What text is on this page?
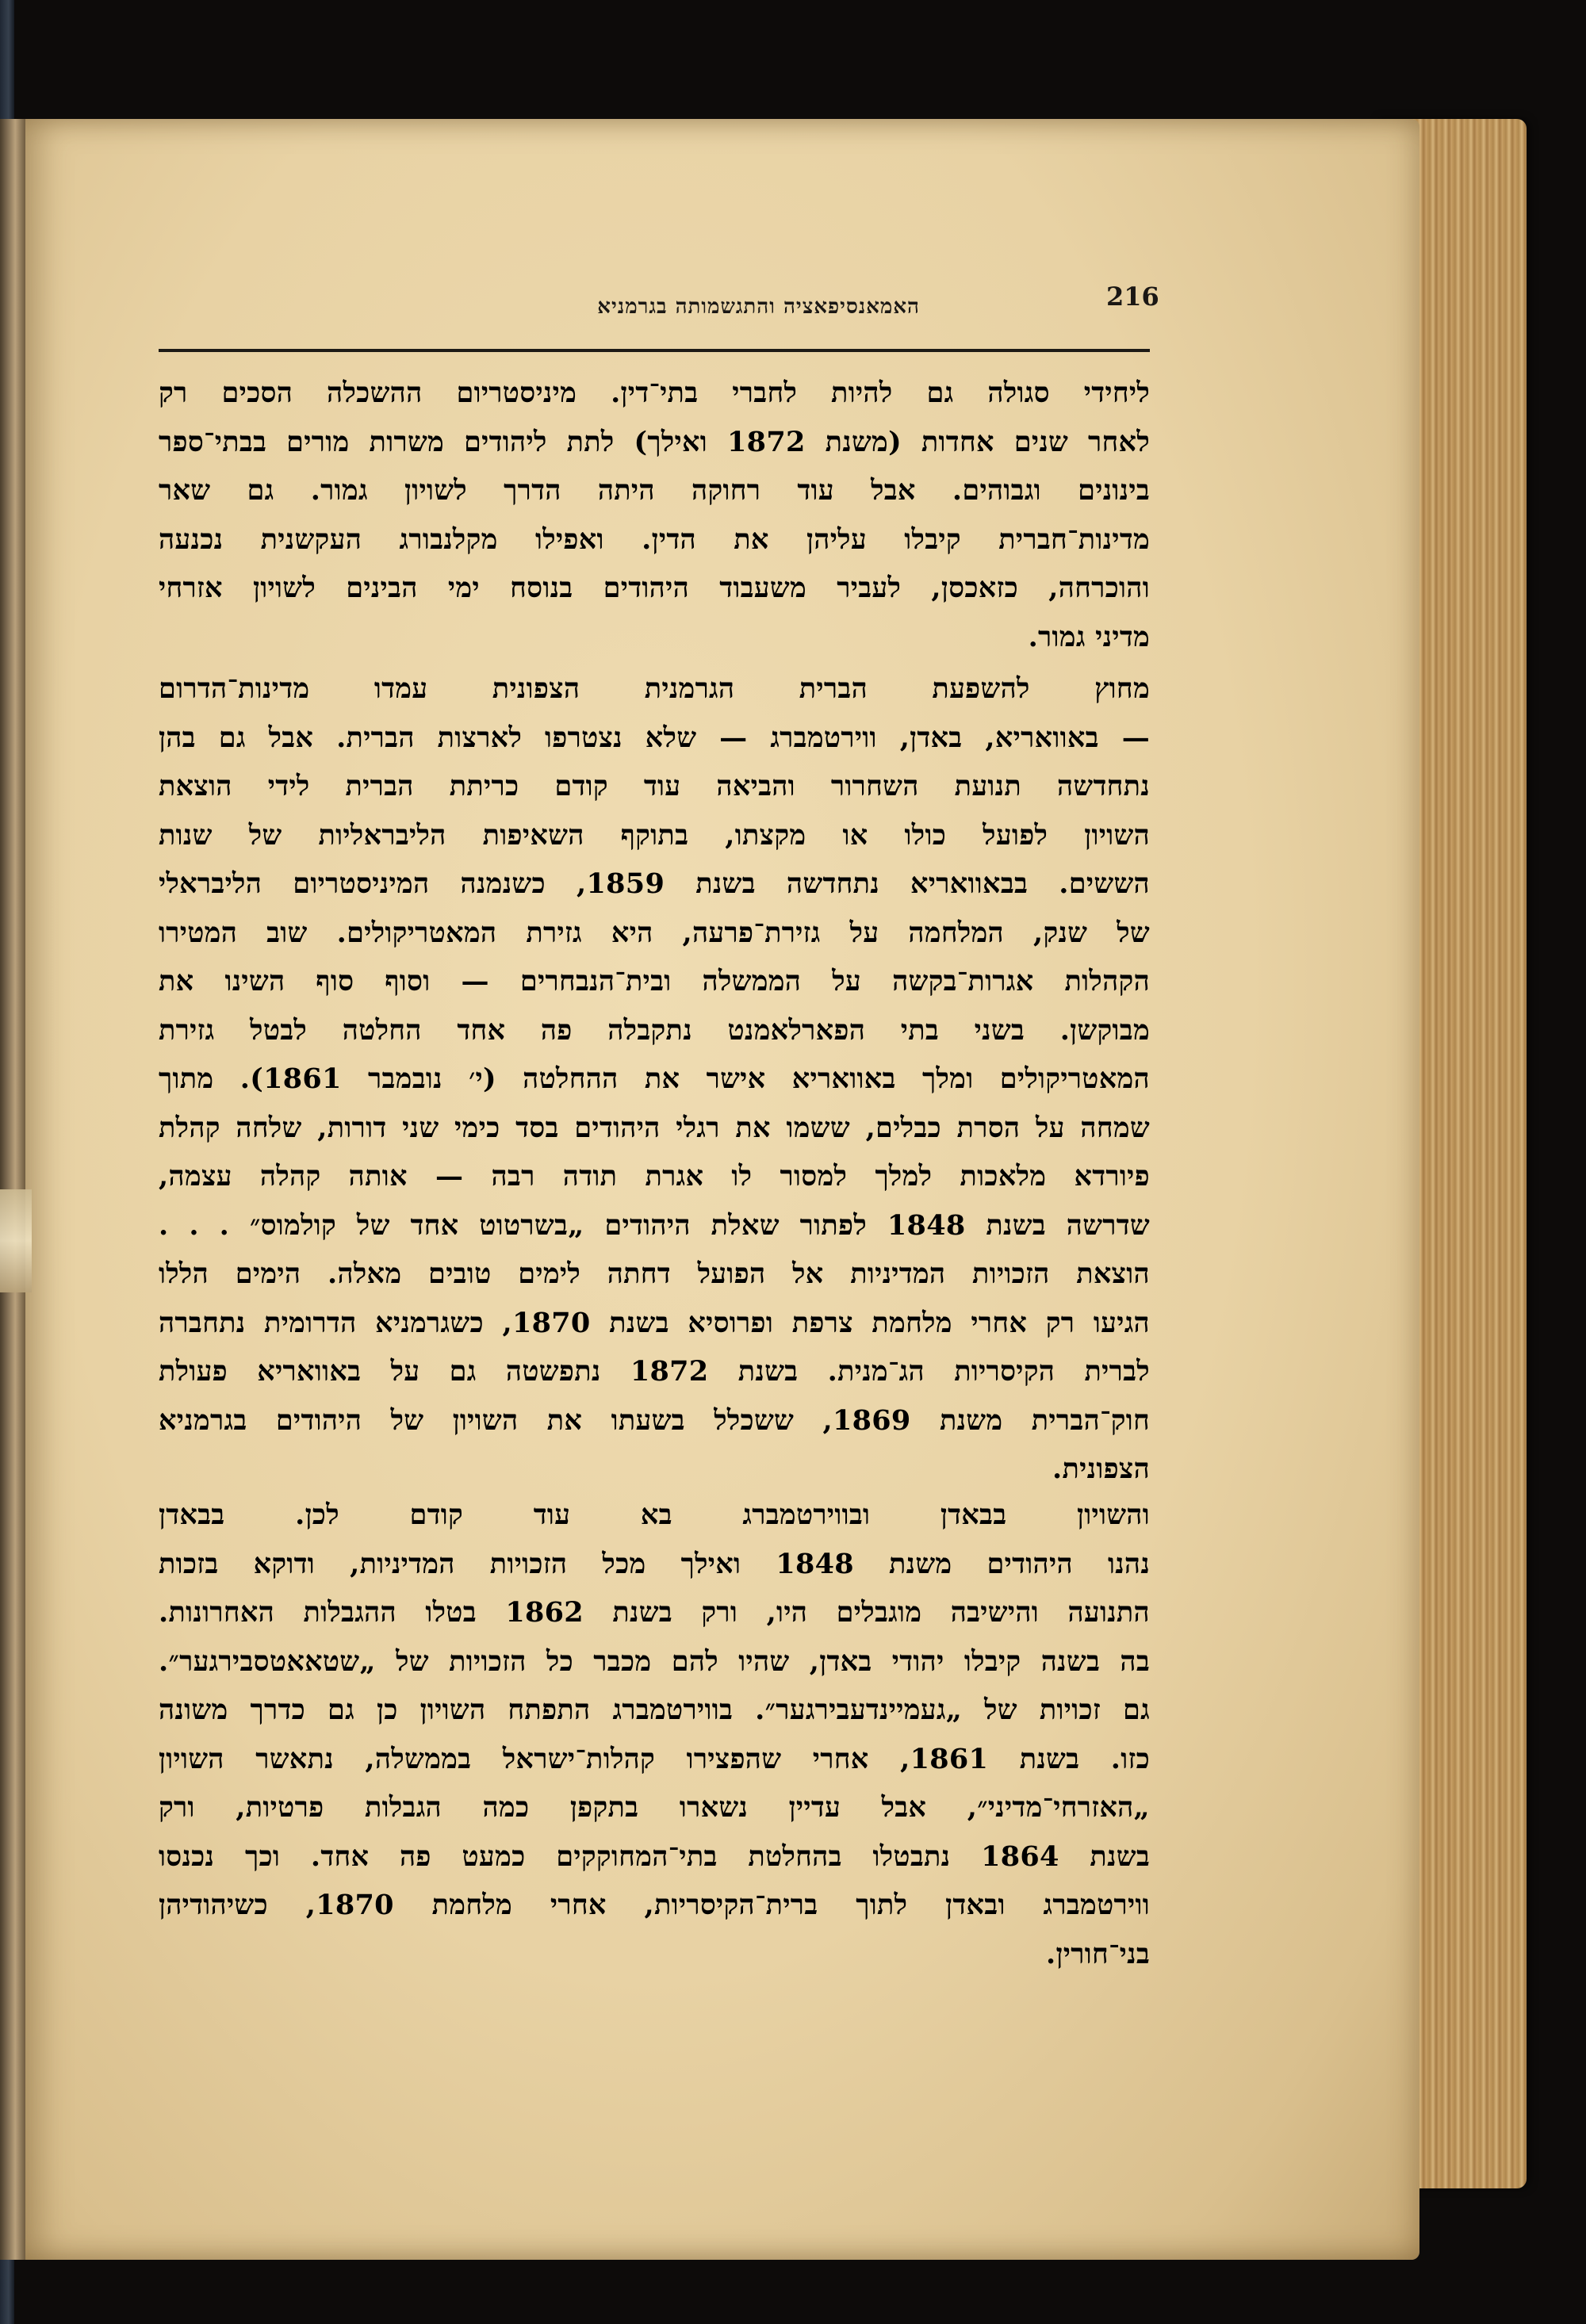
216
האמאנסיפאציה והתגשמותה בגרמניא
ליחידי סגולה גם להיות לחברי בתי־דין. מיניסטריום ההשכלה הסכים רק
לאחר שנים אחדות (משנת 1872 ואילך) לתת ליהודים משרות מורים בבתי־ספר
בינונים וגבוהים. אבל עוד רחוקה היתה הדרך לשויון גמור. גם שאר
מדינות־חברית קיבלו עליהן את הדין. ואפילו מקלנבורג העקשנית נכנעה
והוכרחה, כזאכסן, לעביר משעבוד היהודים בנוסח ימי הבינים לשויון אזרחי
מדיני גמור.
מחוץ להשפעת הברית הגרמנית הצפונית עמדו מדינות־הדרום
— באוואריא, באדן, ווירטמברג — שלא נצטרפו לארצות הברית. אבל גם בהן
נתחדשה תנועת השחרור והביאה עוד קודם כריתת הברית לידי הוצאת
השויון לפועל כולו או מקצתו, בתוקף השאיפות הליבראליות של שנות
הששים. בבאוואריא נתחדשה בשנת 1859, כשנמנה המיניסטריום הליבראלי
של שנק, המלחמה על גזירת־פרעה, היא גזירת המאטריקולים. שוב המטירו
הקהלות אגרות־בקשה על הממשלה ובית־הנבחרים — וסוף סוף השינו את
מבוקשן. בשני בתי הפארלאמנט נתקבלה פה אחד החלטה לבטל גזירת
המאטריקולים ומלך באוואריא אישר את ההחלטה (י׳ נובמבר 1861). מתוך
שמחה על הסרת כבלים, ששמו את רגלי היהודים בסד כימי שני דורות, שלחה קהלת
פיורדא מלאכות למלך למסור לו אגרת תודה רבה — אותה קהלה עצמה,
שדרשה בשנת 1848 לפתור שאלת היהודים „בשרטוט אחד של קולמוס״ . . .
הוצאת הזכויות המדיניות אל הפועל דחתה לימים טובים מאלה. הימים הללו
הגיעו רק אחרי מלחמת צרפת ופרוסיא בשנת 1870, כשגרמניא הדרומית נתחברה
לברית הקיסריות הג־מנית. בשנת 1872 נתפשטה גם על באוואריא פעולת
חוק־הברית משנת 1869, ששכלל בשעתו את השויון של היהודים בגרמניא
הצפונית.
והשויון בבאדן ובווירטמברג בא עוד קודם לכן. בבאדן
נהנו היהודים משנת 1848 ואילך מכל הזכויות המדיניות, ודוקא בזכות
התנועה והישיבה מוגבלים היו, ורק בשנת 1862 בטלו ההגבלות האחרונות.
בה בשנה קיבלו יהודי באדן, שהיו להם מכבר כל הזכויות של „שטאאטסבירגער״.
גם זכויות של „געמיינדעבירגער״. בווירטמברג התפתח השויון כן גם כדרך משונה
כזו. בשנת 1861, אחרי שהפצירו קהלות־ישראל בממשלה, נתאשר השויון
„האזרחי־מדיני״, אבל עדיין נשארו בתקפן כמה הגבלות פרטיות, ורק
בשנת 1864 נתבטלו בהחלטת בתי־המחוקקים כמעט פה אחד. וכך נכנסו
ווירטמברג ובאדן לתוך ברית־הקיסריות, אחרי מלחמת 1870, כשיהודיהן
בני־חורין.
